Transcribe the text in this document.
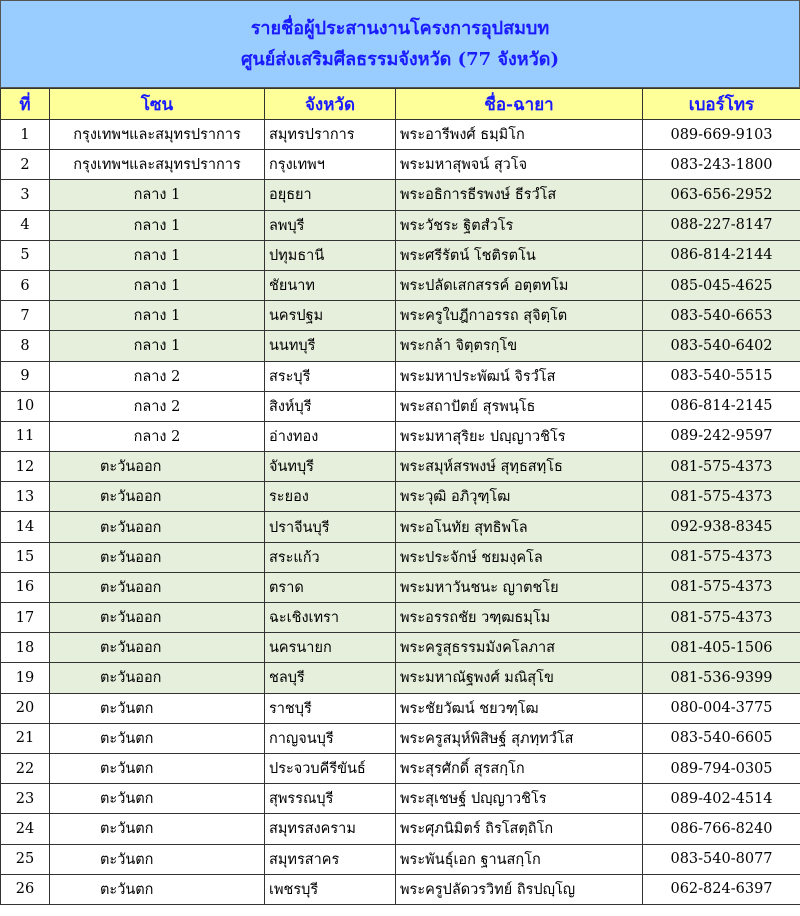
รายชื่อผู้ประสานงานโครงการอุปสมบท
ศูนย์ส่งเสริมศีลธรรมจังหวัด (77 จังหวัด)
ที่	โซน	จังหวัด	ชื่อ-ฉายา	เบอร์โทร
1	กรุงเทพฯและสมุทรปราการ	สมุทรปราการ	พระอารีพงศ์ ธมฺมิโก	089-669-9103
2	กรุงเทพฯและสมุทรปราการ	กรุงเทพฯ	พระมหาสุพจน์ สุวโจ	083-243-1800
3	กลาง 1	อยุธยา	พระอธิการธีรพงษ์ ธีรวํโส	063-656-2952
4	กลาง 1	ลพบุรี	พระวัชระ ฐิตสํวโร	088-227-8147
5	กลาง 1	ปทุมธานี	พระศรีรัตน์ โชติรตโน	086-814-2144
6	กลาง 1	ชัยนาท	พระปลัดเสกสรรค์ อตฺตทโม	085-045-4625
7	กลาง 1	นครปฐม	พระครูใบฎีกาอรรถ สุจิตฺโต	083-540-6653
8	กลาง 1	นนทบุรี	พระกล้า จิตฺตรกฺโข	083-540-6402
9	กลาง 2	สระบุรี	พระมหาประพัฒน์ จิรวํโส	083-540-5515
10	กลาง 2	สิงห์บุรี	พระสถาปัตย์ สุรพนฺโธ	086-814-2145
11	กลาง 2	อ่างทอง	พระมหาสุริยะ ปญฺญาวชิโร	089-242-9597
12	ตะวันออก	จันทบุรี	พระสมุห์สรพงษ์ สุทฺธสทฺโธ	081-575-4373
13	ตะวันออก	ระยอง	พระวุฒิ อภิวุฑฺโฒ	081-575-4373
14	ตะวันออก	ปราจีนบุรี	พระอโนทัย สุทธิพโล	092-938-8345
15	ตะวันออก	สระแก้ว	พระประจักษ์ ชยมงฺคโล	081-575-4373
16	ตะวันออก	ตราด	พระมหาวันชนะ ญาตชโย	081-575-4373
17	ตะวันออก	ฉะเชิงเทรา	พระอรรถชัย วฑฺฒธมฺโม	081-575-4373
18	ตะวันออก	นครนายก	พระครูสุธรรมมังคโลภาส	081-405-1506
19	ตะวันออก	ชลบุรี	พระมหาณัฐพงศ์ มณิสุโข	081-536-9399
20	ตะวันตก	ราชบุรี	พระชัยวัฒน์ ชยวฑฺโฒ	080-004-3775
21	ตะวันตก	กาญจนบุรี	พระครูสมุห์พิสิษฐ์ สุภทฺทวํโส	083-540-6605
22	ตะวันตก	ประจวบคีรีขันธ์	พระสุรศักดิ์ สุรสกฺโก	089-794-0305
23	ตะวันตก	สุพรรณบุรี	พระสุเชษฐ์ ปญฺญาวชิโร	089-402-4514
24	ตะวันตก	สมุทรสงคราม	พระศุภนิมิตร์ ถิรโสตฺถิโก	086-766-8240
25	ตะวันตก	สมุทรสาคร	พระพันธุ์เอก ฐานสกฺโก	083-540-8077
26	ตะวันตก	เพชรบุรี	พระครูปลัดวรวิทย์ ถิรปญฺโญ	062-824-6397
